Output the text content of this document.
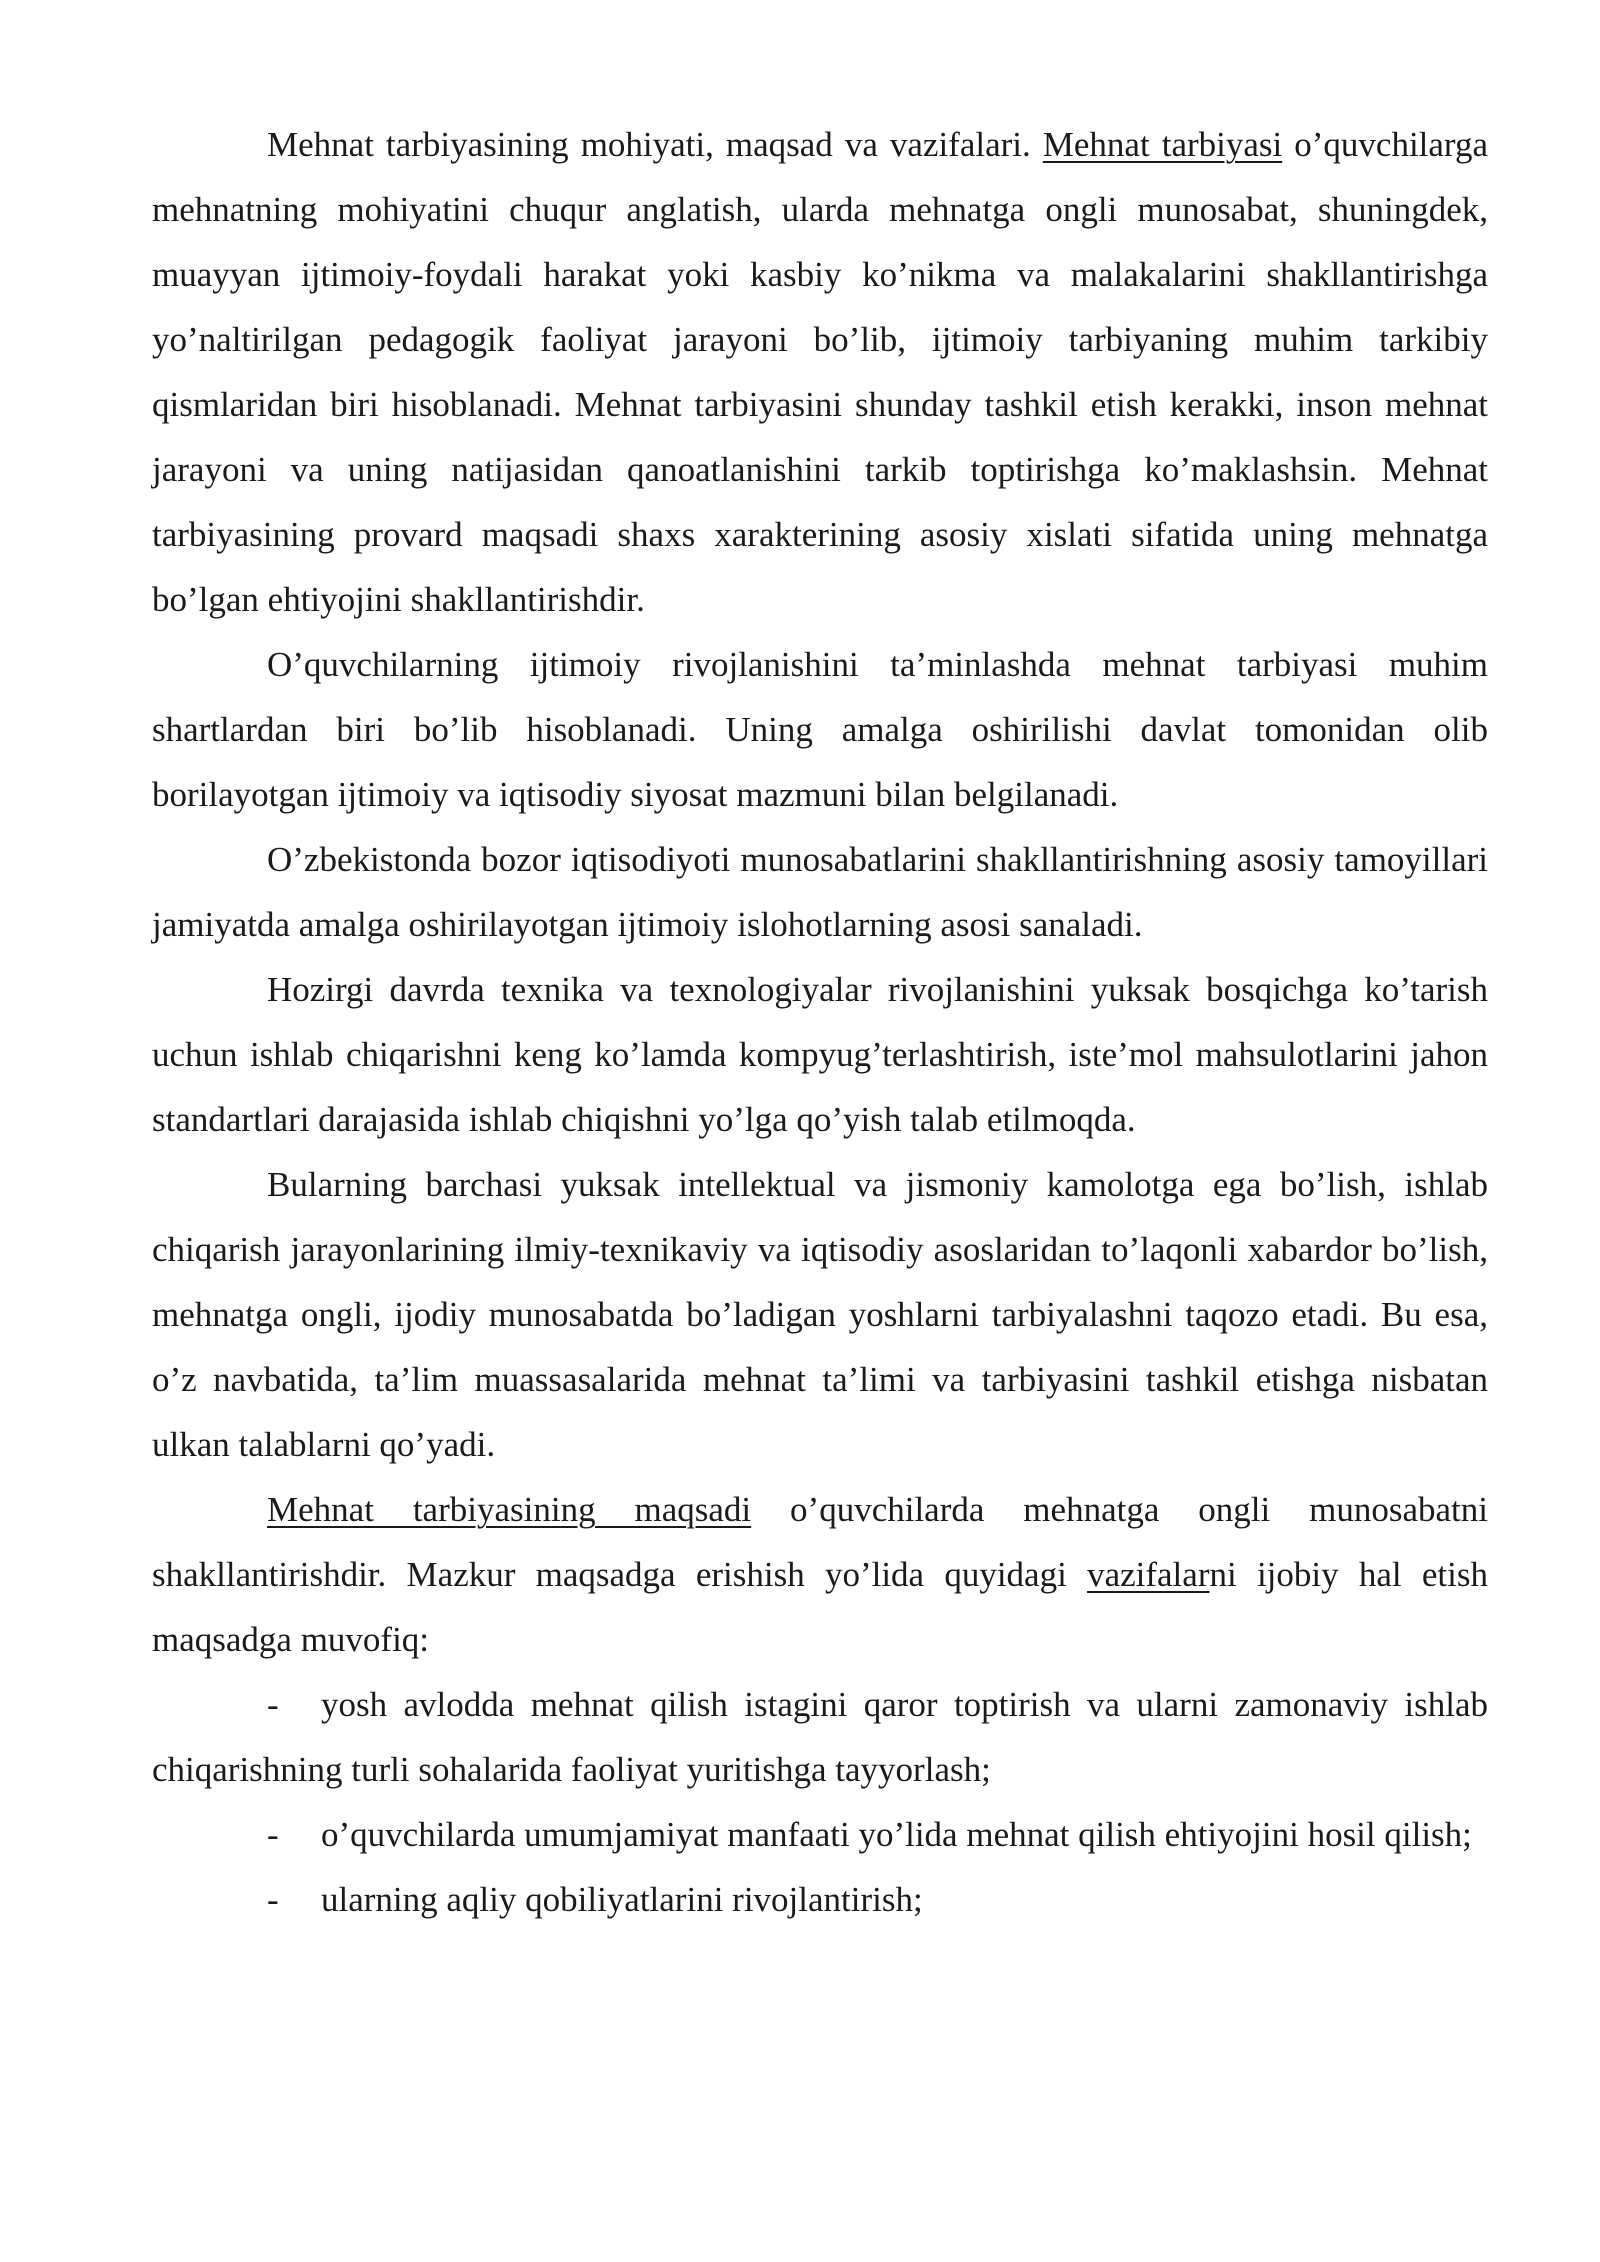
Mehnat tarbiyasining mohiyati, maqsad va vazifalari. Mehnat tarbiyasi o’quvchilarga mehnatning mohiyatini chuqur anglatish, ularda mehnatga ongli munosabat, shuningdek, muayyan ijtimoiy-foydali harakat yoki kasbiy ko’nikma va malakalarini shakllantirishga yo’naltirilgan pedagogik faoliyat jarayoni bo’lib, ijtimoiy tarbiyaning muhim tarkibiy qismlaridan biri hisoblanadi. Mehnat tarbiyasini shunday tashkil etish kerakki, inson mehnat jarayoni va uning natijasidan qanoatlanishini tarkib toptirishga ko’maklashsin. Mehnat tarbiyasining provard maqsadi shaxs xarakterining asosiy xislati sifatida uning mehnatga bo’lgan ehtiyojini shakllantirishdir.

O’quvchilarning ijtimoiy rivojlanishini ta’minlashda mehnat tarbiyasi muhim shartlardan biri bo’lib hisoblanadi. Uning amalga oshirilishi davlat tomonidan olib borilayotgan ijtimoiy va iqtisodiy siyosat mazmuni bilan belgilanadi.

O’zbekistonda bozor iqtisodiyoti munosabatlarini shakllantirishning asosiy tamoyillari jamiyatda amalga oshirilayotgan ijtimoiy islohotlarning asosi sanaladi.

Hozirgi davrda texnika va texnologiyalar rivojlanishini yuksak bosqichga ko’tarish uchun ishlab chiqarishni keng ko’lamda kompyug’terlashtirish, iste’mol mahsulotlarini jahon standartlari darajasida ishlab chiqishni yo’lga qo’yish talab etilmoqda.

Bularning barchasi yuksak intellektual va jismoniy kamolotga ega bo’lish, ishlab chiqarish jarayonlarining ilmiy-texnikaviy va iqtisodiy asoslaridan to’laqonli xabardor bo’lish, mehnatga ongli, ijodiy munosabatda bo’ladigan yoshlarni tarbiyalashni taqozo etadi. Bu esa, o’z navbatida, ta’lim muassasalarida mehnat ta’limi va tarbiyasini tashkil etishga nisbatan ulkan talablarni qo’yadi.

Mehnat tarbiyasining maqsadi o’quvchilarda mehnatga ongli munosabatni shakllantirishdir. Mazkur maqsadga erishish yo’lida quyidagi vazifalarni ijobiy hal etish maqsadga muvofiq:

- yosh avlodda mehnat qilish istagini qaror toptirish va ularni zamonaviy ishlab chiqarishning turli sohalarida faoliyat yuritishga tayyorlash;

- o’quvchilarda umumjamiyat manfaati yo’lida mehnat qilish ehtiyojini hosil qilish;

- ularning aqliy qobiliyatlarini rivojlantirish;
